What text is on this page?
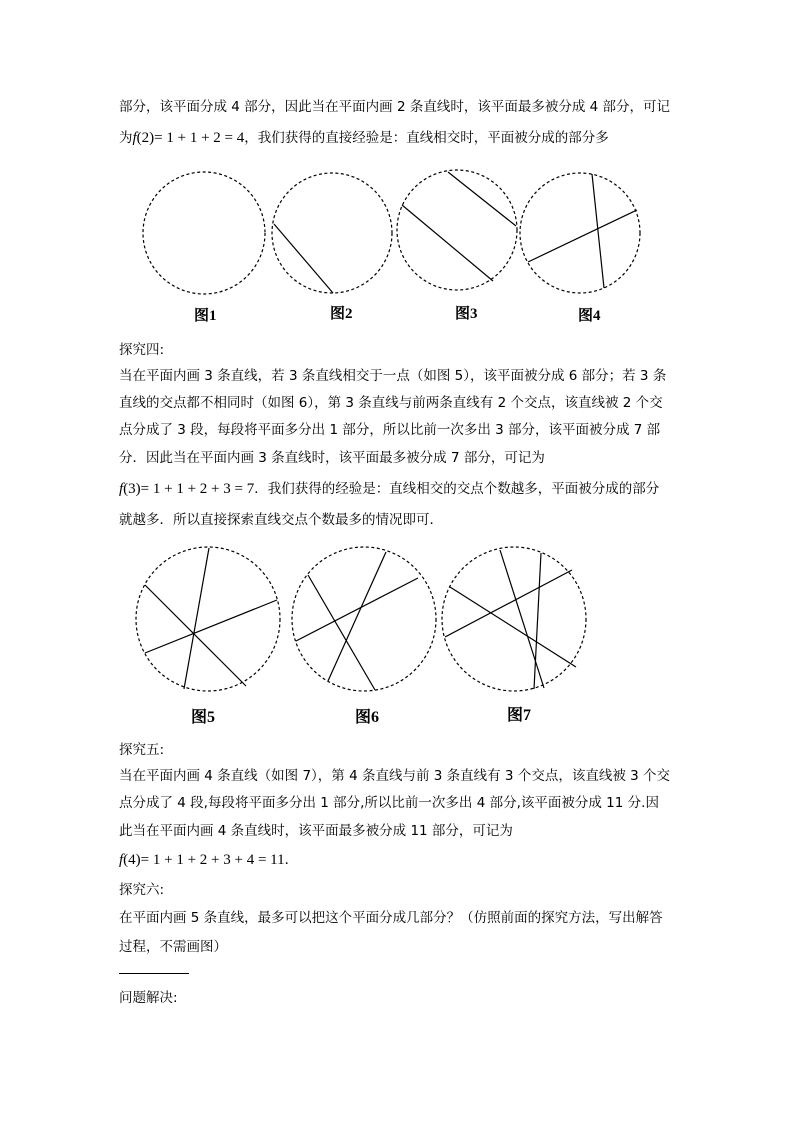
部分，该平面分成 4 部分，因此当在平面内画 2 条直线时，该平面最多被分成 4 部分，可记
为f(2)= 1 + 1 + 2 = 4，我们获得的直接经验是：直线相交时，平面被分成的部分多
图1	图2	图3	图4
探究四:
当在平面内画 3 条直线，若 3 条直线相交于一点（如图 5），该平面被分成 6 部分；若 3 条
直线的交点都不相同时（如图 6），第 3 条直线与前两条直线有 2 个交点，该直线被 2 个交
点分成了 3 段，每段将平面多分出 1 部分，所以比前一次多出 3 部分，该平面被分成 7 部
分．因此当在平面内画 3 条直线时，该平面最多被分成 7 部分，可记为
f(3)= 1 + 1 + 2 + 3 = 7．我们获得的经验是：直线相交的交点个数越多，平面被分成的部分
就越多．所以直接探索直线交点个数最多的情况即可．
图5	图6	图7
探究五:
当在平面内画 4 条直线（如图 7），第 4 条直线与前 3 条直线有 3 个交点，该直线被 3 个交
点分成了 4 段,每段将平面多分出 1 部分,所以比前一次多出 4 部分,该平面被分成 11 分.因
此当在平面内画 4 条直线时，该平面最多被分成 11 部分，可记为
f(4)= 1 + 1 + 2 + 3 + 4 = 11．
探究六:
在平面内画 5 条直线，最多可以把这个平面分成几部分？（仿照前面的探究方法，写出解答
过程，不需画图）
问题解决:
